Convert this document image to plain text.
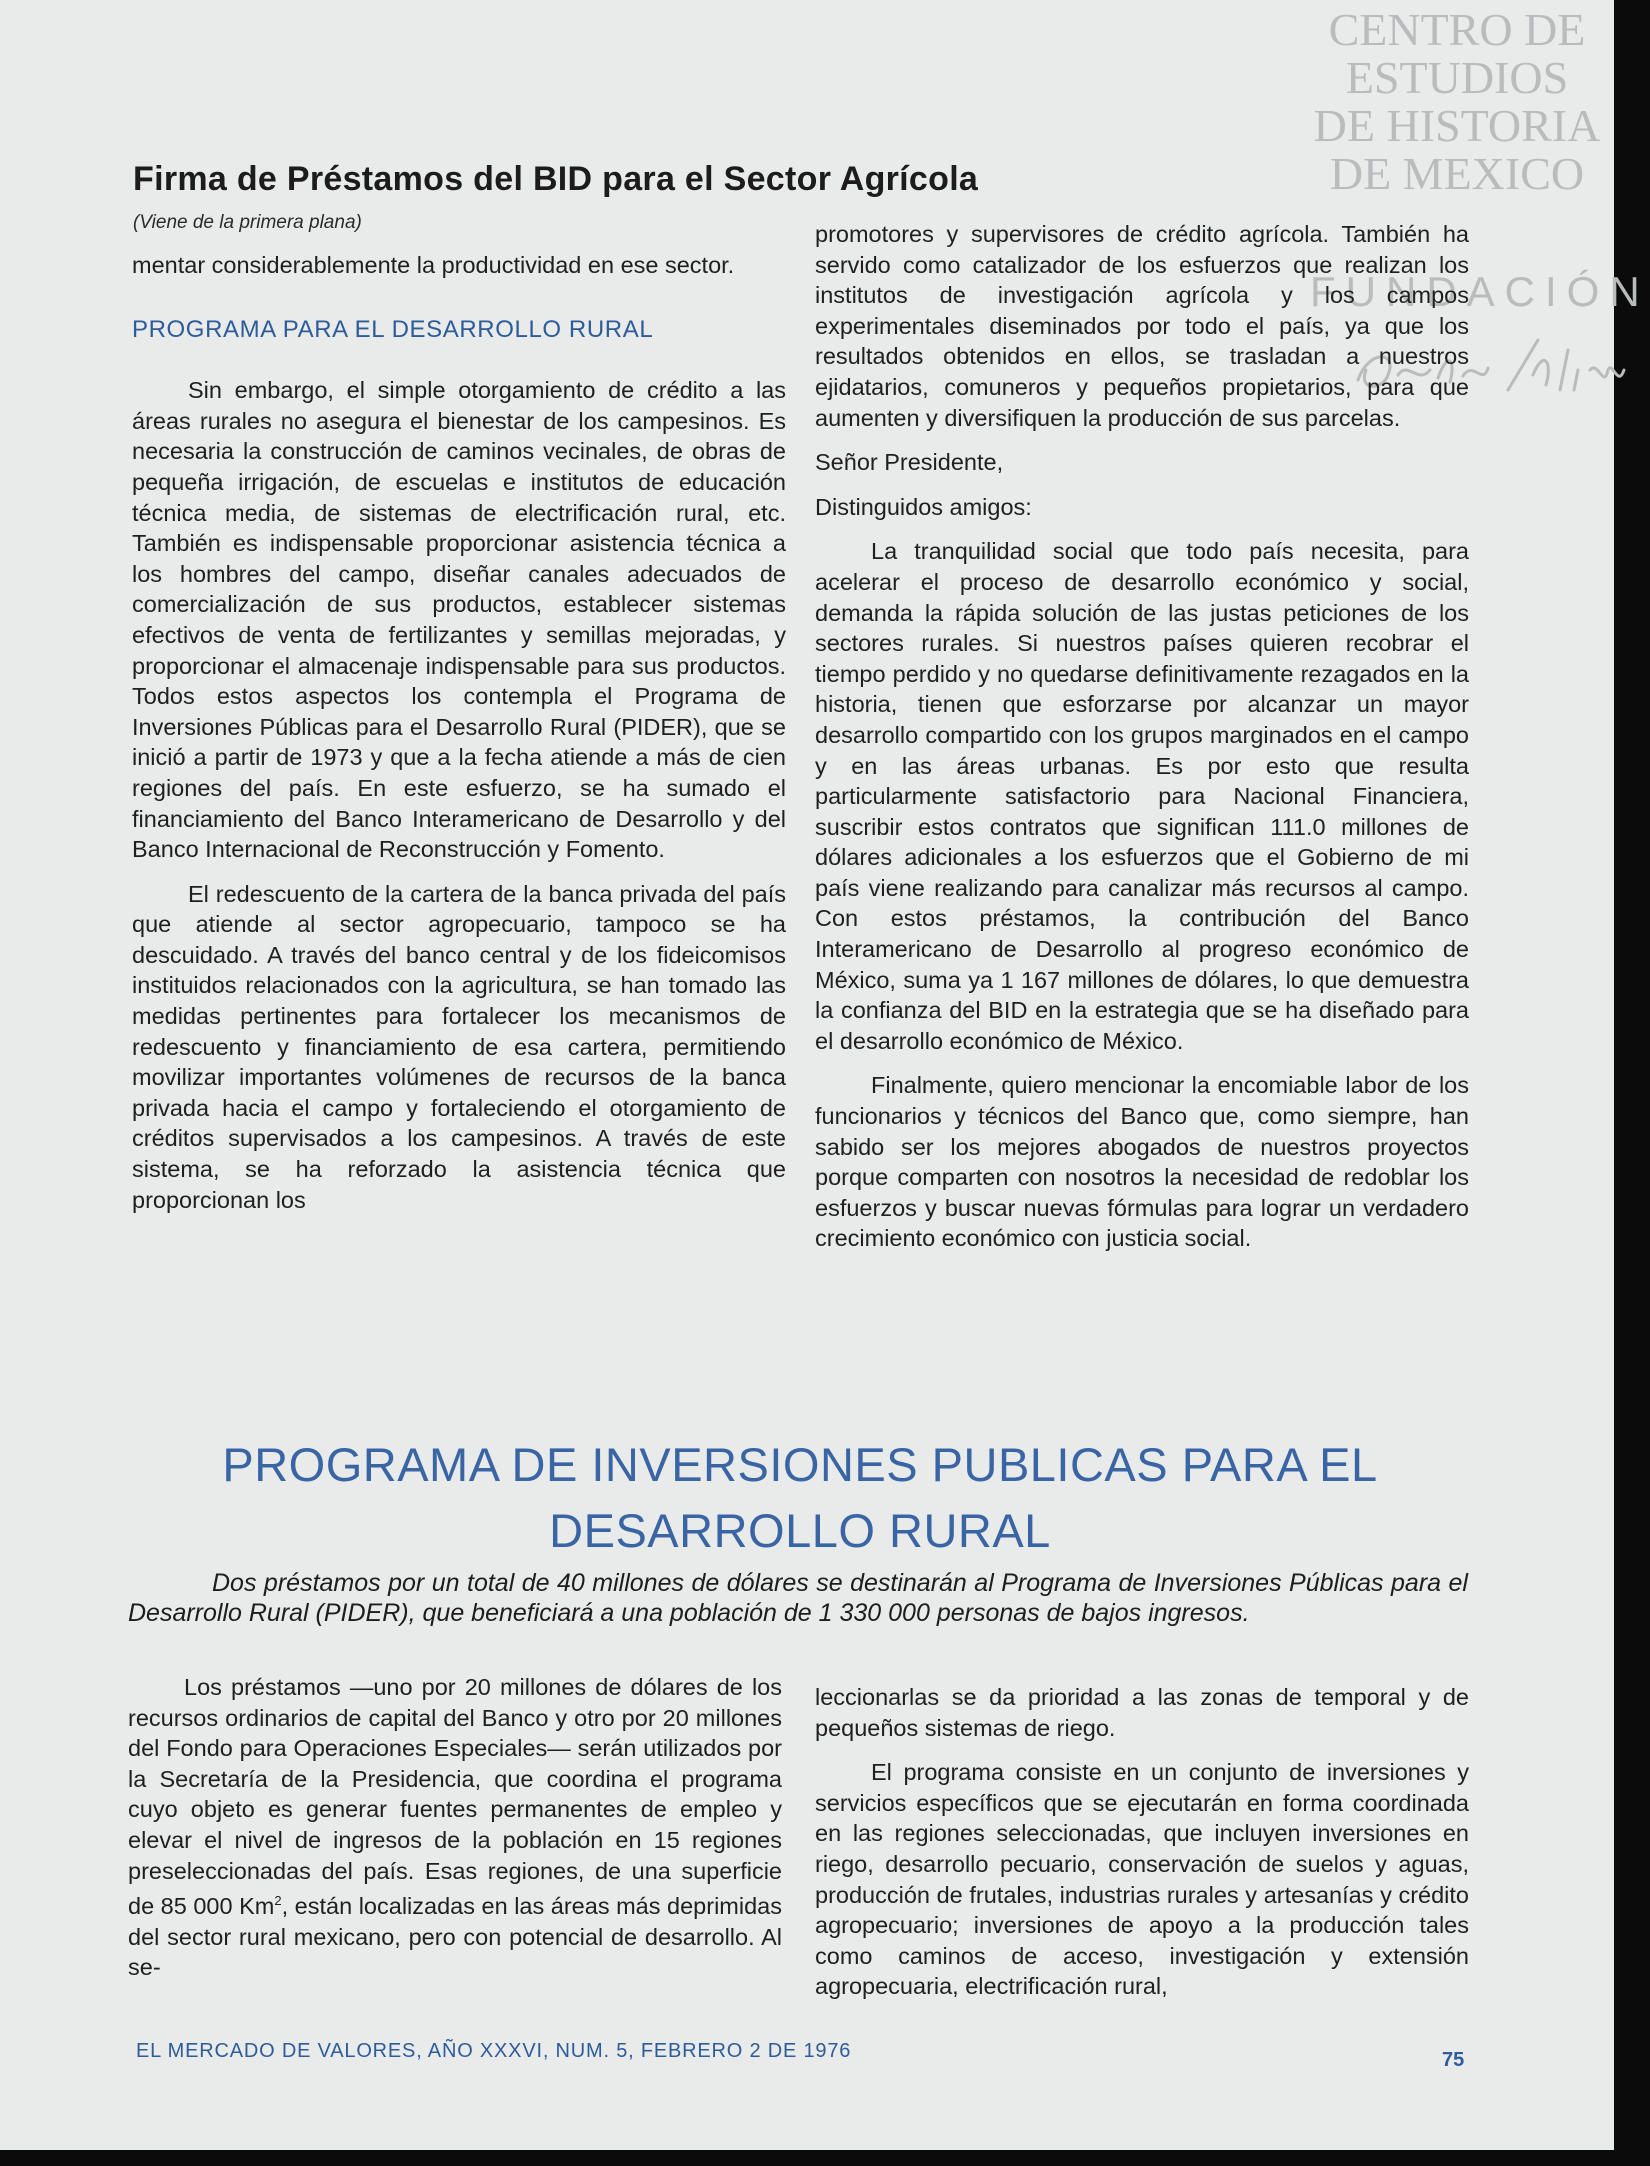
CENTRO DE
ESTUDIOS
DE HISTORIA
DE MEXICO
FUNDACIÓN
Firma de Préstamos del BID para el Sector Agrícola
(Viene de la primera plana)

mentar considerablemente la productividad en ese sector.

PROGRAMA PARA EL DESARROLLO RURAL

Sin embargo, el simple otorgamiento de crédito a las áreas rurales no asegura el bienestar de los campesinos. Es necesaria la construcción de caminos vecinales, de obras de pequeña irrigación, de escuelas e institutos de educación técnica media, de sistemas de electrificación rural, etc. También es indispensable proporcionar asistencia técnica a los hombres del campo, diseñar canales adecuados de comercialización de sus productos, establecer sistemas efectivos de venta de fertilizantes y semillas mejoradas, y proporcionar el almacenaje indispensable para sus productos. Todos estos aspectos los contempla el Programa de Inversiones Públicas para el Desarrollo Rural (PIDER), que se inició a partir de 1973 y que a la fecha atiende a más de cien regiones del país. En este esfuerzo, se ha sumado el financiamiento del Banco Interamericano de Desarrollo y del Banco Internacional de Reconstrucción y Fomento.

El redescuento de la cartera de la banca privada del país que atiende al sector agropecuario, tampoco se ha descuidado. A través del banco central y de los fideicomisos instituidos relacionados con la agricultura, se han tomado las medidas pertinentes para fortalecer los mecanismos de redescuento y financiamiento de esa cartera, permitiendo movilizar importantes volúmenes de recursos de la banca privada hacia el campo y fortaleciendo el otorgamiento de créditos supervisados a los campesinos. A través de este sistema, se ha reforzado la asistencia técnica que proporcionan los

promotores y supervisores de crédito agrícola. También ha servido como catalizador de los esfuerzos que realizan los institutos de investigación agrícola y los campos experimentales diseminados por todo el país, ya que los resultados obtenidos en ellos, se trasladan a nuestros ejidatarios, comuneros y pequeños propietarios, para que aumenten y diversifiquen la producción de sus parcelas.

Señor Presidente,

Distinguidos amigos:

La tranquilidad social que todo país necesita, para acelerar el proceso de desarrollo económico y social, demanda la rápida solución de las justas peticiones de los sectores rurales. Si nuestros países quieren recobrar el tiempo perdido y no quedarse definitivamente rezagados en la historia, tienen que esforzarse por alcanzar un mayor desarrollo compartido con los grupos marginados en el campo y en las áreas urbanas. Es por esto que resulta particularmente satisfactorio para Nacional Financiera, suscribir estos contratos que significan 111.0 millones de dólares adicionales a los esfuerzos que el Gobierno de mi país viene realizando para canalizar más recursos al campo. Con estos préstamos, la contribución del Banco Interamericano de Desarrollo al progreso económico de México, suma ya 1 167 millones de dólares, lo que demuestra la confianza del BID en la estrategia que se ha diseñado para el desarrollo económico de México.

Finalmente, quiero mencionar la encomiable labor de los funcionarios y técnicos del Banco que, como siempre, han sabido ser los mejores abogados de nuestros proyectos porque comparten con nosotros la necesidad de redoblar los esfuerzos y buscar nuevas fórmulas para lograr un verdadero crecimiento económico con justicia social.

PROGRAMA DE INVERSIONES PUBLICAS PARA EL
DESARROLLO RURAL
Dos préstamos por un total de 40 millones de dólares se destinarán al Programa de Inversiones Públicas para el Desarrollo Rural (PIDER), que beneficiará a una población de 1 330 000 personas de bajos ingresos.

Los préstamos —uno por 20 millones de dólares de los recursos ordinarios de capital del Banco y otro por 20 millones del Fondo para Operaciones Especiales— serán utilizados por la Secretaría de la Presidencia, que coordina el programa cuyo objeto es generar fuentes permanentes de empleo y elevar el nivel de ingresos de la población en 15 regiones preseleccionadas del país. Esas regiones, de una superficie de 85 000 Km$^2$, están localizadas en las áreas más deprimidas del sector rural mexicano, pero con potencial de desarrollo. Al se-

leccionarlas se da prioridad a las zonas de temporal y de pequeños sistemas de riego.

El programa consiste en un conjunto de inversiones y servicios específicos que se ejecutarán en forma coordinada en las regiones seleccionadas, que incluyen inversiones en riego, desarrollo pecuario, conservación de suelos y aguas, producción de frutales, industrias rurales y artesanías y crédito agropecuario; inversiones de apoyo a la producción tales como caminos de acceso, investigación y extensión agropecuaria, electrificación rural,

EL MERCADO DE VALORES, AÑO XXXVI, NUM. 5, FEBRERO 2 DE 1976	75
